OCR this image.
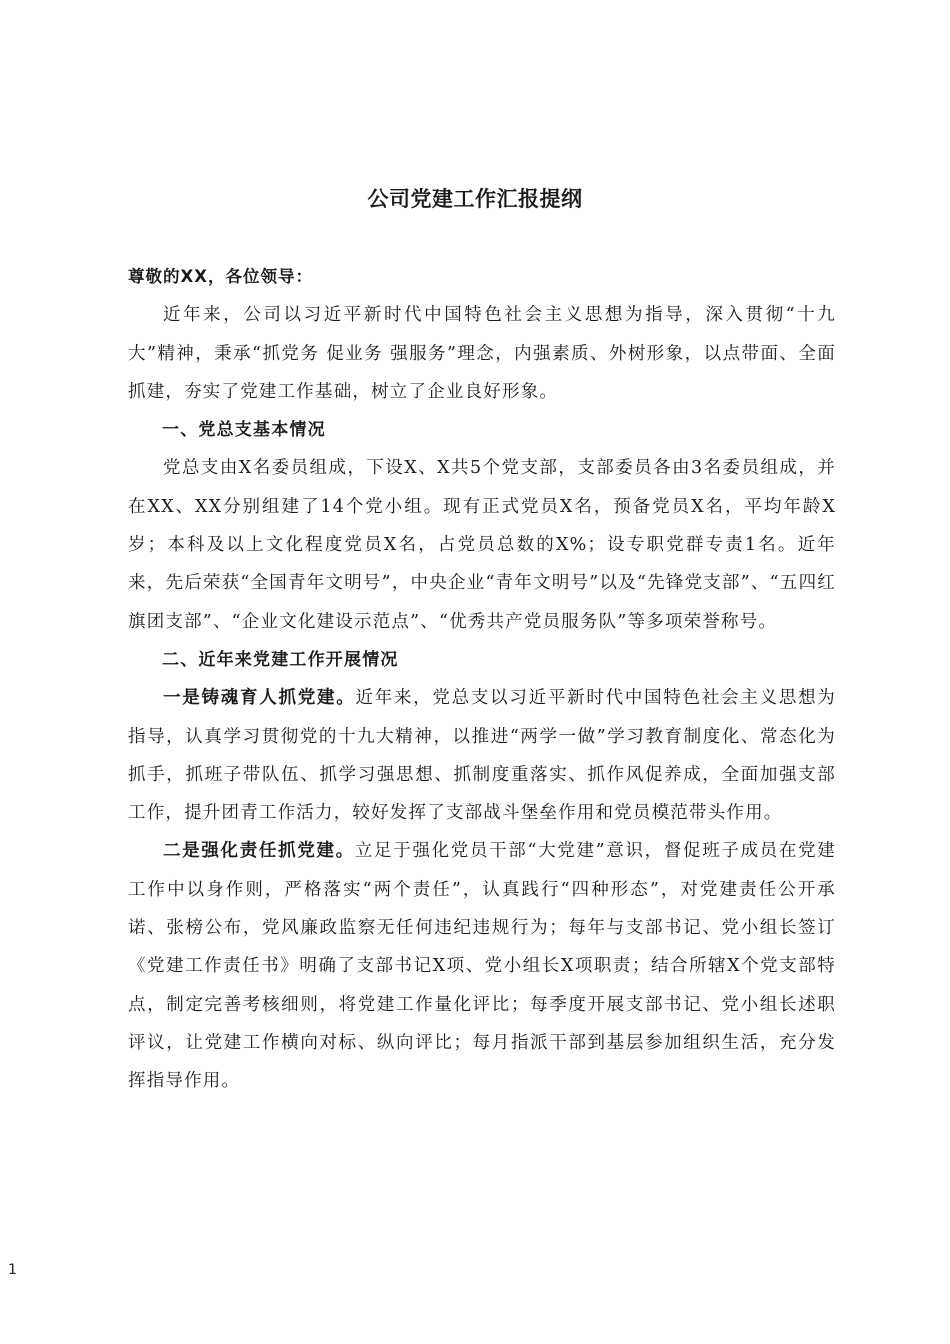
公司党建工作汇报提纲

尊敬的XX，各位领导：

近年来，公司以习近平新时代中国特色社会主义思想为指导，深入贯彻“十九大”精神，秉承“抓党务 促业务 强服务”理念，内强素质、外树形象，以点带面、全面抓建，夯实了党建工作基础，树立了企业良好形象。

一、党总支基本情况

党总支由X名委员组成，下设X、X共5个党支部，支部委员各由3名委员组成，并在XX、XX分别组建了14个党小组。现有正式党员X名，预备党员X名，平均年龄X岁；本科及以上文化程度党员X名，占党员总数的X%；设专职党群专责1名。近年来，先后荣获“全国青年文明号”，中央企业“青年文明号”以及“先锋党支部”、“五四红旗团支部”、“企业文化建设示范点”、“优秀共产党员服务队”等多项荣誉称号。

二、近年来党建工作开展情况

一是铸魂育人抓党建。近年来，党总支以习近平新时代中国特色社会主义思想为指导，认真学习贯彻党的十九大精神，以推进“两学一做”学习教育制度化、常态化为抓手，抓班子带队伍、抓学习强思想、抓制度重落实、抓作风促养成，全面加强支部工作，提升团青工作活力，较好发挥了支部战斗堡垒作用和党员模范带头作用。

二是强化责任抓党建。立足于强化党员干部“大党建”意识，督促班子成员在党建工作中以身作则，严格落实“两个责任”，认真践行“四种形态”，对党建责任公开承诺、张榜公布，党风廉政监察无任何违纪违规行为；每年与支部书记、党小组长签订《党建工作责任书》明确了支部书记X项、党小组长X项职责；结合所辖X个党支部特点，制定完善考核细则，将党建工作量化评比；每季度开展支部书记、党小组长述职评议，让党建工作横向对标、纵向评比；每月指派干部到基层参加组织生活，充分发挥指导作用。

1
